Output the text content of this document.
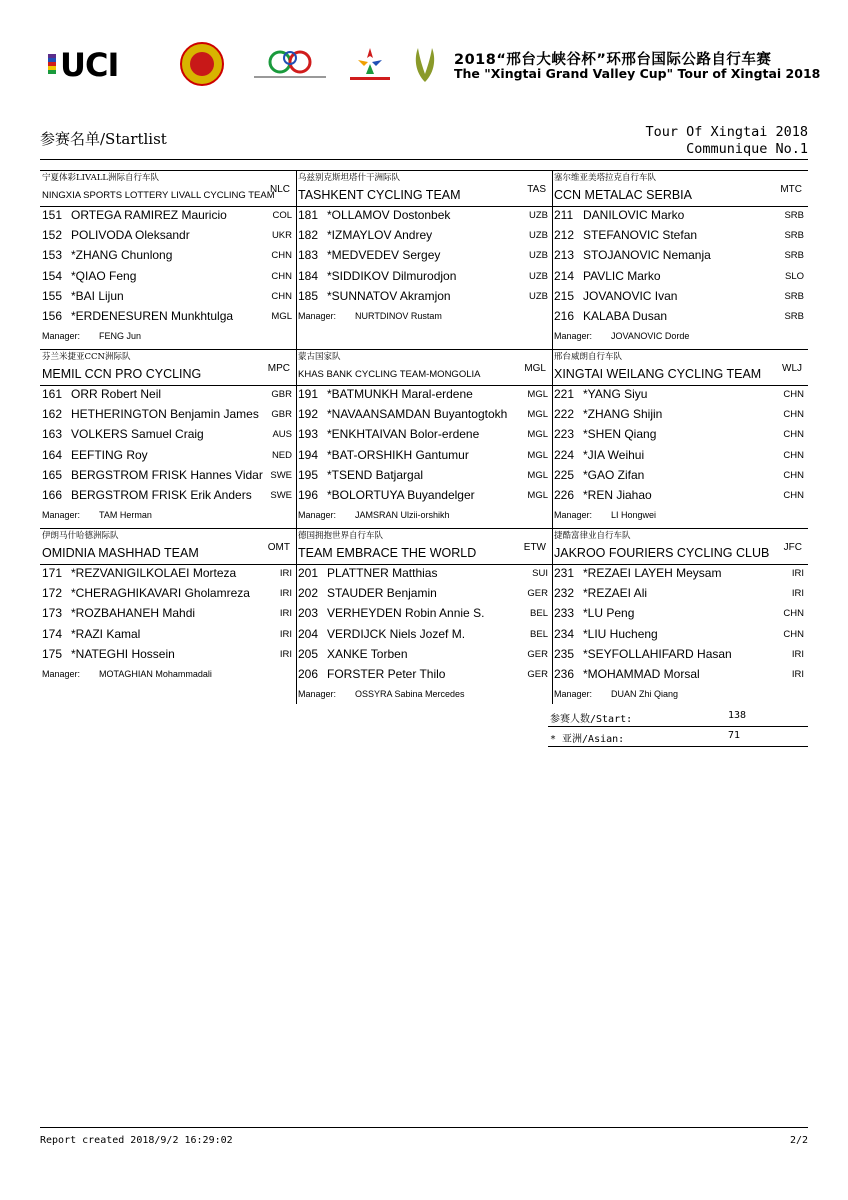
UCI	2018“邢台大峡谷杯”环邢台国际公路自行车赛
The "Xingtai Grand Valley Cup" Tour of Xingtai 2018
参赛名单/Startlist	Tour Of Xingtai 2018
Communique No.1
宁夏体彩LIVALL洲际自行车队
NINGXIA SPORTS LOTTERY LIVALL CYCLING TEAM
NLC
151 ORTEGA RAMIREZ Mauricio	COL
152 POLIVODA Oleksandr	UKR
153 *ZHANG Chunlong	CHN
154 *QIAO Feng	CHN
155 *BAI Lijun	CHN
156 *ERDENESUREN Munkhtulga	MGL
Manager: FENG Jun
乌兹别克斯坦塔什干洲际队
TASHKENT CYCLING TEAM	TAS
181 *OLLAMOV Dostonbek	UZB
182 *IZMAYLOV Andrey	UZB
183 *MEDVEDEV Sergey	UZB
184 *SIDDIKOV Dilmurodjon	UZB
185 *SUNNATOV Akramjon	UZB
Manager: NURTDINOV Rustam
塞尔维亚美塔拉克自行车队
CCN METALAC SERBIA	MTC
211 DANILOVIC Marko	SRB
212 STEFANOVIC Stefan	SRB
213 STOJANOVIC Nemanja	SRB
214 PAVLIC Marko	SLO
215 JOVANOVIC Ivan	SRB
216 KALABA Dusan	SRB
Manager: JOVANOVIC Dorde
芬兰米捷亚CCN洲际队
MEMIL CCN PRO CYCLING	MPC
161 ORR Robert Neil	GBR
162 HETHERINGTON Benjamin James GBR
163 VOLKERS Samuel Craig	AUS
164 EEFTING Roy	NED
165 BERGSTROM FRISK Hannes Vidar SWE
166 BERGSTROM FRISK Erik Anders SWE
Manager: TAM Herman
蒙古国家队
KHAS BANK CYCLING TEAM-MONGOLIA
MGL
191 *BATMUNKH Maral-erdene	MGL
192 *NAVAANSAMDAN Buyantogtokh MGL
193 *ENKHTAIVAN Bolor-erdene	MGL
194 *BAT-ORSHIKH Gantumur	MGL
195 *TSEND Batjargal	MGL
196 *BOLORTUYA Buyandelger	MGL
Manager: JAMSRAN Ulzii-orshikh
邢台威朗自行车队
XINGTAI WEILANG CYCLING TEAM WLJ
221 *YANG Siyu	CHN
222 *ZHANG Shijin	CHN
223 *SHEN Qiang	CHN
224 *JIA Weihui	CHN
225 *GAO Zifan	CHN
226 *REN Jiahao	CHN
Manager: LI Hongwei
伊朗马什哈德洲际队
OMIDNIA MASHHAD TEAM	OMT
171 *REZVANIGILKOLAEI Morteza	IRI
172 *CHERAGHIKAVARI Gholamreza	IRI
173 *ROZBAHANEH Mahdi	IRI
174 *RAZI Kamal	IRI
175 *NATEGHI Hossein	IRI
Manager: MOTAGHIAN Mohammadali
德国拥抱世界自行车队
TEAM EMBRACE THE WORLD	ETW
201 PLATTNER Matthias	SUI
202 STAUDER Benjamin	GER
203 VERHEYDEN Robin Annie S.	BEL
204 VERDIJCK Niels Jozef M.	BEL
205 XANKE Torben	GER
206 FORSTER Peter Thilo	GER
Manager: OSSYRA Sabina Mercedes
捷酷富律业自行车队
JAKROO FOURIERS CYCLING CLUB JFC
231 *REZAEI LAYEH Meysam	IRI
232 *REZAEI Ali	IRI
233 *LU Peng	CHN
234 *LIU Hucheng	CHN
235 *SEYFOLLAHIFARD Hasan	IRI
236 *MOHAMMAD Morsal	IRI
Manager: DUAN Zhi Qiang
参赛人数/Start:	138
* 亚洲/Asian:	71
Report created 2018/9/2 16:29:02	2/2
